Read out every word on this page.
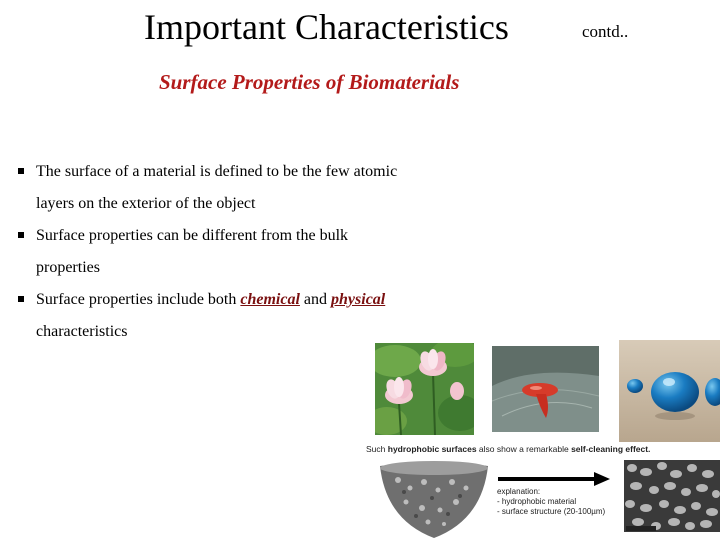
Important Characteristics	contd..
Surface Properties of Biomaterials
The surface of a material is defined to be the few atomic
layers on the exterior of the object
Surface properties can be different from the bulk
properties
Surface properties include both chemical and physical
characteristics
Such hydrophobic surfaces also show a remarkable self-cleaning effect.
explanation:
- hydrophobic material
- surface structure (20-100µm)
